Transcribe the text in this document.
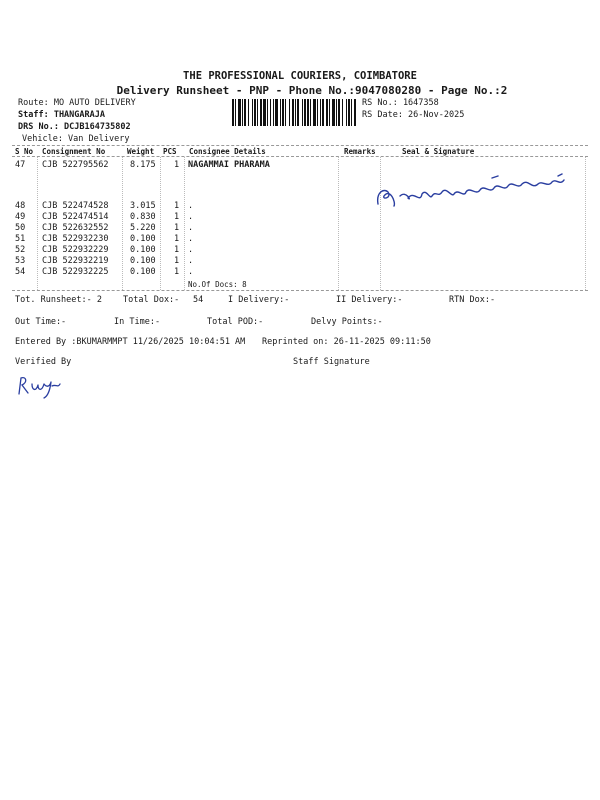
THE PROFESSIONAL COURIERS, COIMBATORE
Delivery Runsheet - PNP - Phone No.:9047080280 - Page No.:2
Route: MO AUTO DELIVERY
Staff: THANGARAJA
DRS No.: DCJB164735802
Vehicle: Van Delivery
RS No.: 1647358
RS Date: 26-Nov-2025
S No Consignment No	Weight PCS Consignee Details	Remarks	Seal & Signature
47 CJB 522795562	8.175 1 NAGAMMAI PHARAMA
48 CJB 522474528	3.015 1 .
49 CJB 522474514	0.830 1 .
50 CJB 522632552	5.220 1 .
51 CJB 522932230	0.100 1 .
52 CJB 522932229	0.100 1 .
53 CJB 522932219	0.100 1 .
54 CJB 522932225	0.100 1 .
No.Of Docs: 8
Tot. Runsheet:- 2 Total Dox:- 54	I Delivery:-	II Delivery:-	RTN Dox:-
Out Time:-	In Time:-	Total POD:-	Delvy Points:-
Entered By :BKUMARMMPT 11/26/2025 10:04:51 AM Reprinted on: 26-11-2025 09:11:50
Verified By	Staff Signature
